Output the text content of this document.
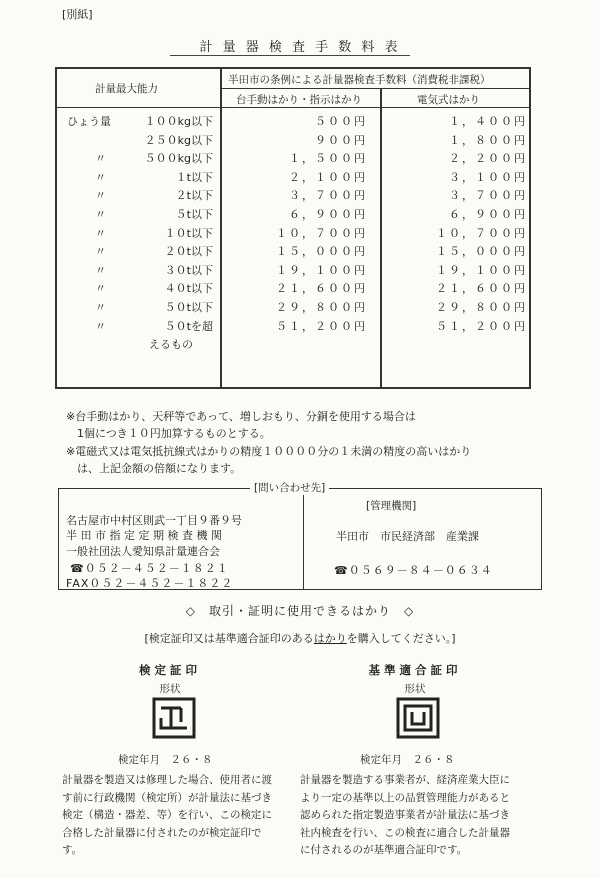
[別紙]
計 量 器 検 査 手 数 料 表
計量最大能力
半田市の条例による計量器検査手数料（消費税非課税）
台手動はかり・指示はかり	電気式はかり
ひょう量	１００kg以下	５００円	１，４００円
２５０kg以下	９００円	１，８００円
〃	５００kg以下	１，５００円	２，２００円
〃	１t以下	２，１００円	３，１００円
〃	２t以下	３，７００円	３，７００円
〃	５t以下	６，９００円	６，９００円
〃	１０t以下	１０，７００円	１０，７００円
〃	２０t以下	１５，０００円	１５，０００円
〃	３０t以下	１９，１００円	１９，１００円
〃	４０t以下	２１，６００円	２１，６００円
〃	５０t以下	２９，８００円	２９，８００円
〃	５０tを超	５１，２００円	５１，２００円
えるもの
※台手動はかり、天秤等であって、増しおもり、分銅を使用する場合は
　1個につき１０円加算するものとする。
※電磁式又は電気抵抗線式はかりの精度１００００分の１未満の精度の高いはかり
　は、上記金額の倍額になります。
[問い合わせ先]
名古屋市中村区則武一丁目９番９号
半 田 市 指 定 定 期 検 査 機 関
一般社団法人愛知県計量連合会
☎０５２－４５２－１８２１
FAX０５２－４５２－１８２２
[管理機関]
半田市　市民経済部　産業課
☎０５６９－８４－０６３４
◇　取引・証明に使用できるはかり　◇
[検定証印又は基準適合証印のあるはかりを購入してください。]
検定証印
形状
検定年月　２６・８
計量器を製造又は修理した場合、使用者に渡す前に行政機関（検定所）が計量法に基づき検定（構造・器差、等）を行い、この検定に合格した計量器に付されたのが検定証印です。
基準適合証印
形状
検定年月　２６・８
計量器を製造する事業者が、経済産業大臣により一定の基準以上の品質管理能力があると認められた指定製造事業者が計量法に基づき社内検査を行い、この検査に適合した計量器に付されるのが基準適合証印です。
